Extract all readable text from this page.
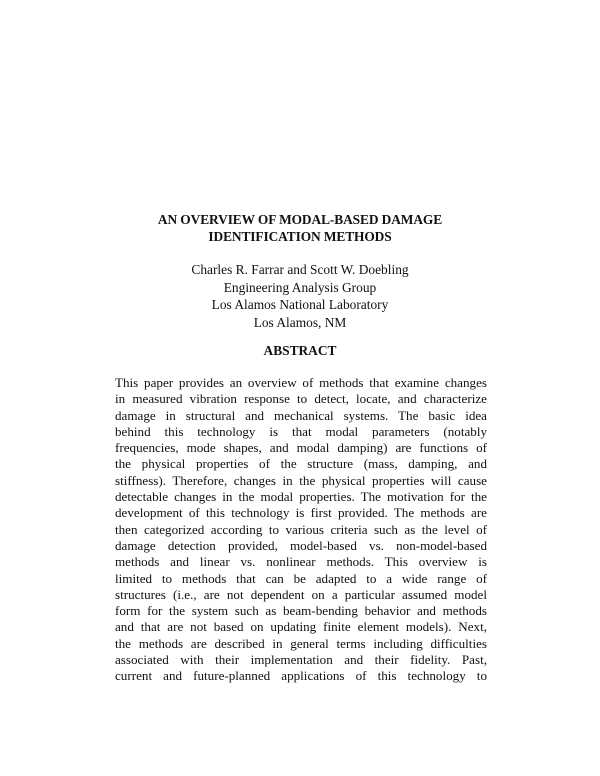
AN OVERVIEW OF MODAL-BASED DAMAGE
IDENTIFICATION METHODS
Charles R. Farrar and Scott W. Doebling
Engineering Analysis Group
Los Alamos National Laboratory
Los Alamos, NM
ABSTRACT
This paper provides an overview of methods that examine changes
in measured vibration response to detect, locate, and characterize
damage in structural and mechanical systems. The basic idea
behind this technology is that modal parameters (notably
frequencies, mode shapes, and modal damping) are functions of
the physical properties of the structure (mass, damping, and
stiffness). Therefore, changes in the physical properties will cause
detectable changes in the modal properties. The motivation for the
development of this technology is first provided. The methods are
then categorized according to various criteria such as the level of
damage detection provided, model-based vs. non-model-based
methods and linear vs. nonlinear methods. This overview is
limited to methods that can be adapted to a wide range of
structures (i.e., are not dependent on a particular assumed model
form for the system such as beam-bending behavior and methods
and that are not based on updating finite element models). Next,
the methods are described in general terms including difficulties
associated with their implementation and their fidelity. Past,
current and future-planned applications of this technology to
